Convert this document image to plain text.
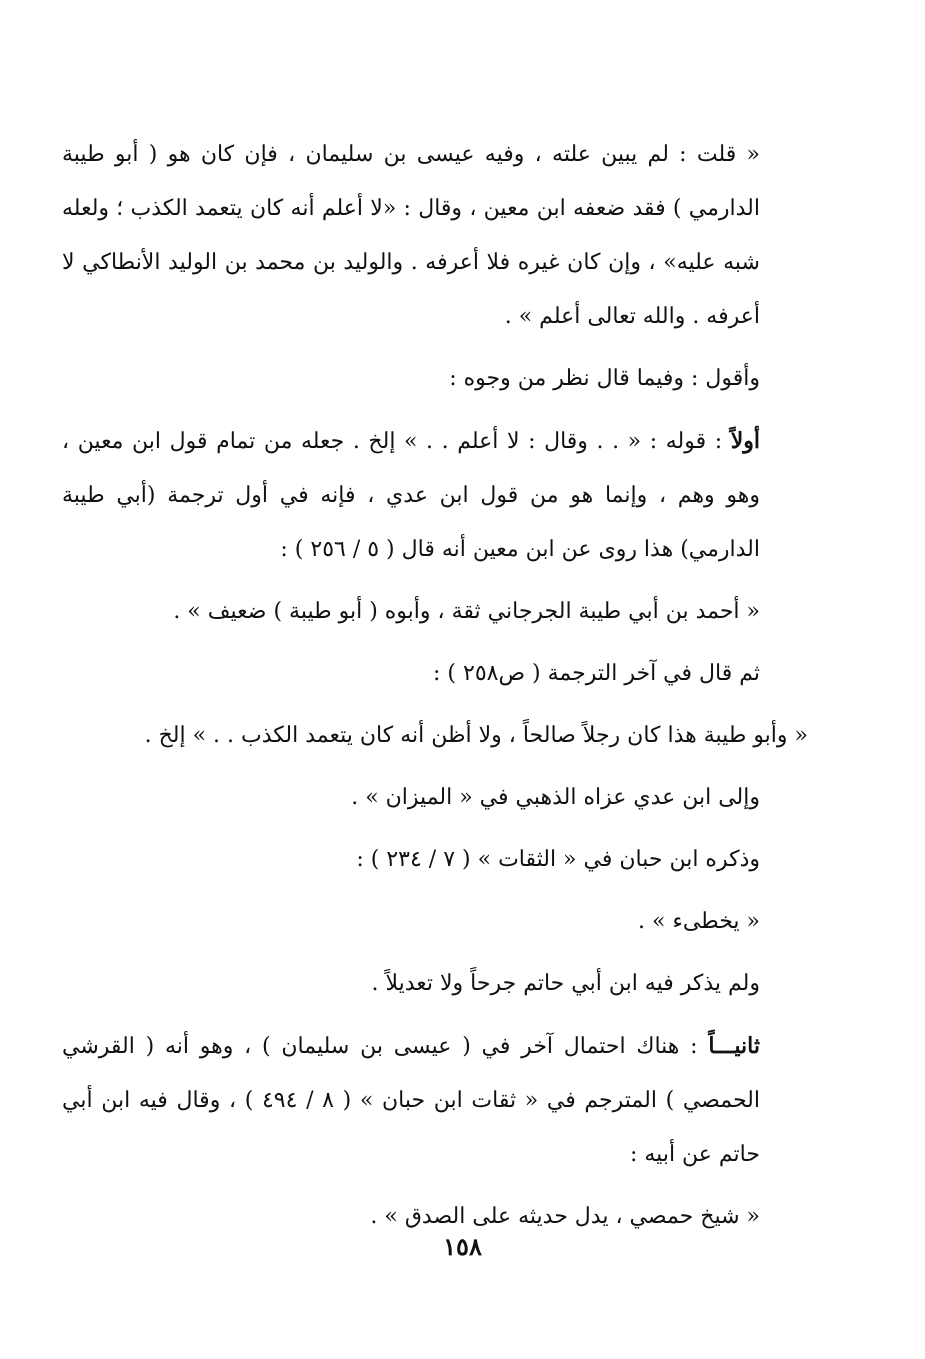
« قلت : لم يبين علته ، وفيه عيسى بن سليمان ، فإن كان هو ( أبو طيبة الدارمي ) فقد ضعفه ابن معين ، وقال : «لا أعلم أنه كان يتعمد الكذب ؛ ولعله شبه عليه» ، وإن كان غيره فلا أعرفه . والوليد بن محمد بن الوليد الأنطاكي لا أعرفه . والله تعالى أعلم » .

وأقول : وفيما قال نظر من وجوه :

أولاً : قوله : « . . وقال : لا أعلم . . » إلخ . جعله من تمام قول ابن معين ، وهو وهم ، وإنما هو من قول ابن عدي ، فإنه في أول ترجمة (أبي طيبة الدارمي) هذا روى عن ابن معين أنه قال ( ٥ / ٢٥٦ ) :

« أحمد بن أبي طيبة الجرجاني ثقة ، وأبوه ( أبو طيبة ) ضعيف » .

ثم قال في آخر الترجمة ( ص٢٥٨ ) :

« وأبو طيبة هذا كان رجلاً صالحاً ، ولا أظن أنه كان يتعمد الكذب . . » إلخ .

وإلى ابن عدي عزاه الذهبي في « الميزان » .

وذكره ابن حبان في « الثقات » ( ٧ / ٢٣٤ ) :

« يخطىء » .

ولم يذكر فيه ابن أبي حاتم جرحاً ولا تعديلاً .

ثانيـــاً : هناك احتمال آخر في ( عيسى بن سليمان ) ، وهو أنه ( القرشي الحمصي ) المترجم في « ثقات ابن حبان » ( ٨ / ٤٩٤ ) ، وقال فيه ابن أبي حاتم عن أبيه :

« شيخ حمصي ، يدل حديثه على الصدق » .

١٥٨
